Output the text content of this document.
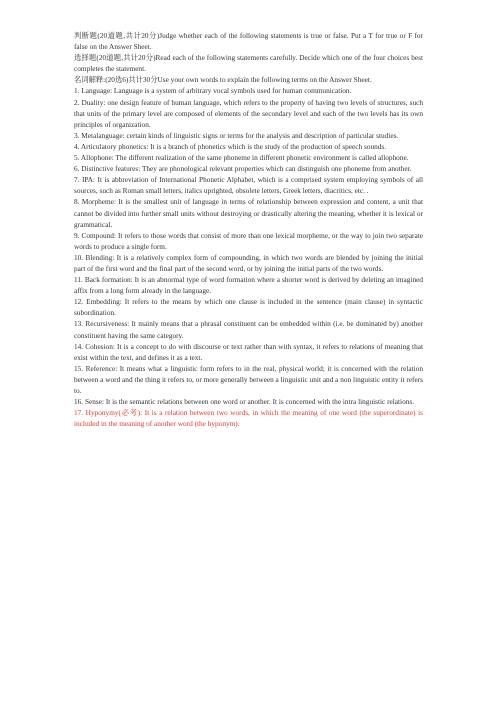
判断题(20道题,共计20分)Judge whether each of the following statements is true or false. Put a T for true or F for false on the Answer Sheet.

选择题(20道题,共计20分)Read each of the following statements carefully. Decide which one of the four choices best completes the statement.

名词解释:(20选6)共计30分Use your own words to explain the following terms on the Answer Sheet.

1. Language: Language is a system of arbitrary vocal symbols used for human communication.

2. Duality: one design feature of human language, which refers to the property of having two levels of structures, such that units of the primary level are composed of elements of the secondary level and each of the two levels has its own principles of organization.

3. Metalanguage: certain kinds of linguistic signs or terms for the analysis and description of particular studies.

4. Articulatory phonetics: It is a branch of phonetics which is the study of the production of speech sounds.

5. Allophone: The different realization of the same phoneme in different phonetic environment is called allophone.

6. Distinctive features: They are phonological relevant properties which can distinguish one phoneme from another.

7. IPA: It is abbreviation of International Phonetic Alphabet, which is a comprised system employing symbols of all sources, such as Roman small letters, italics uprighted, obsolete letters, Greek letters, diacritics, etc. .

8. Morpheme: It is the smallest unit of language in terms of relationship between expression and content, a unit that cannot be divided into further small units without destroying or drastically altering the meaning, whether it is lexical or grammatical.

9. Compound: It refers to those words that consist of more than one lexical morpheme, or the way to join two separate words to produce a single form.

10. Blending: It is a relatively complex form of compounding, in which two words are blended by joining the initial part of the first word and the final part of the second word, or by joining the initial parts of the two words.

11. Back formation: It is an abnormal type of word formation where a shorter word is derived by deleting an imagined affix from a long form already in the language.

12. Embedding: It refers to the means by which one clause is included in the sentence (main clause) in syntactic subordination.

13. Recursiveness: It mainly means that a phrasal constituent can be embedded within (i.e. be dominated by) another constituent having the same category.

14. Cohesion: It is a concept to do with discourse or text rather than with syntax, it refers to relations of meaning that exist within the text, and defines it as a text.

15. Reference: It means what a linguistic form refers to in the real, physical world; it is concerned with the relation between a word and the thing it refers to, or more generally between a linguistic unit and a non linguistic entity it refers to.

16. Sense: It is the semantic relations between one word or another. It is concerned with the intra linguistic relations.

17. Hyponymy(必考): It is a relation between two words, in which the meaning of one word (the superordinate) is included in the meaning of another word (the hyponym).
